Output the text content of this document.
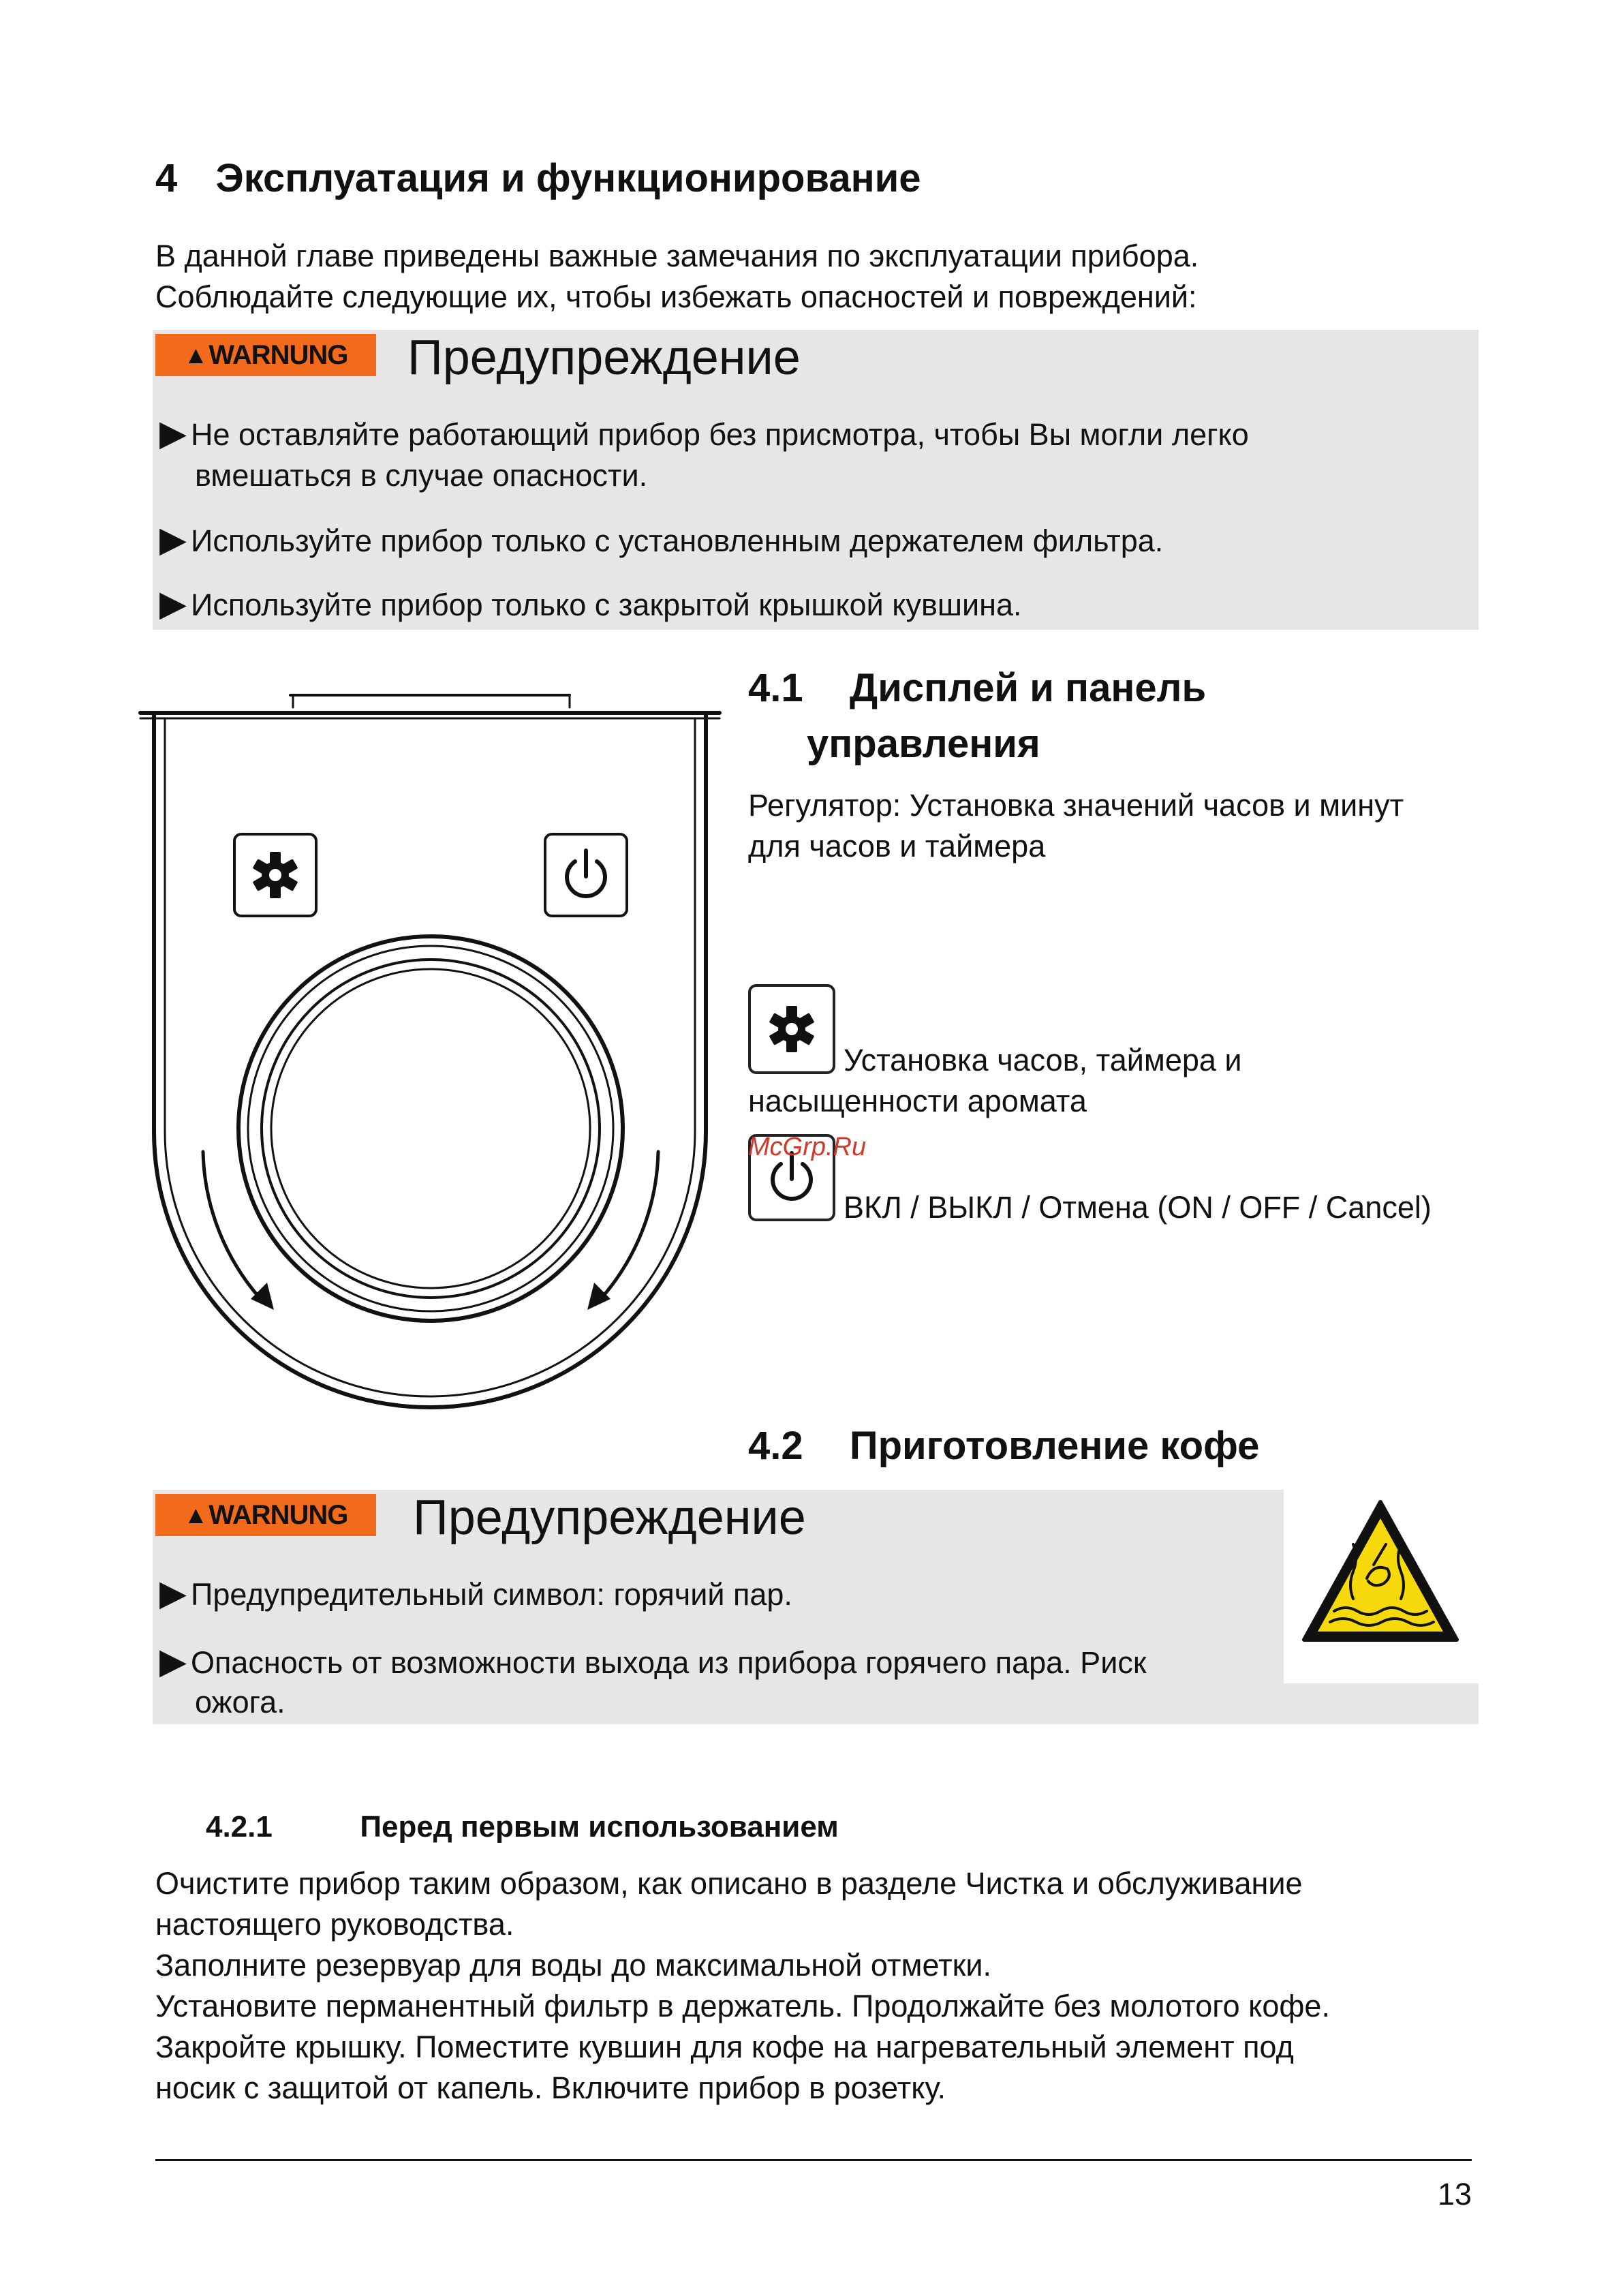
4 Эксплуатация и функционирование
В данной главе приведены важные замечания по эксплуатации прибора.
Соблюдайте следующие их, чтобы избежать опасностей и повреждений:
▲ WARNUNG Предупреждение
▶ Не оставляйте работающий прибор без присмотра, чтобы Вы могли легко
вмешаться в случае опасности.
▶ Используйте прибор только с установленным держателем фильтра.
▶ Используйте прибор только с закрытой крышкой кувшина.
4.1 Дисплей и панель
управления
Регулятор: Установка значений часов и минут
для часов и таймера
Установка часов, таймера и
насыщенности аромата
McGrp.Ru
ВКЛ / ВЫКЛ / Отмена (ON / OFF / Cancel)
4.2 Приготовление кофе
▲ WARNUNG Предупреждение
▶ Предупредительный символ: горячий пар.
▶ Опасность от возможности выхода из прибора горячего пара. Риск
ожога.
4.2.1	Перед первым использованием
Очистите прибор таким образом, как описано в разделе Чистка и обслуживание
настоящего руководства.
Заполните резервуар для воды до максимальной отметки.
Установите перманентный фильтр в держатель. Продолжайте без молотого кофе.
Закройте крышку. Поместите кувшин для кофе на нагревательный элемент под
носик с защитой от капель. Включите прибор в розетку.
13
